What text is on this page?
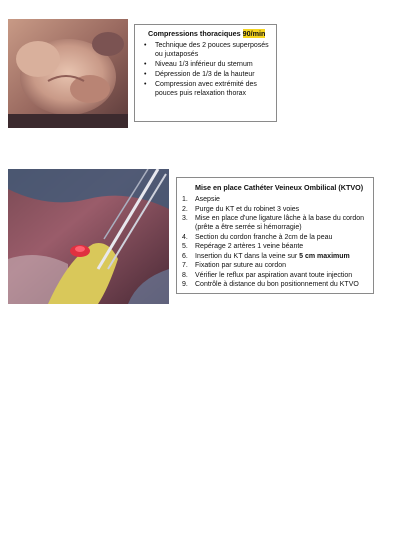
Compressions thoraciques 90/min
• Technique des 2 pouces superposés ou juxtaposés
• Niveau 1/3 inférieur du sternum
• Dépression de 1/3 de la hauteur
• Compression avec extrémité des pouces puis relaxation thorax
Mise en place Cathéter Veineux Ombilical (KTVO)
1. Asepsie
2. Purge du KT et du robinet 3 voies
3. Mise en place d'une ligature lâche à la base du cordon (prête a être serrée si hémorragie)
4. Section du cordon franche à 2cm de la peau
5. Repérage 2 artères 1 veine béante
6. Insertion du KT dans la veine sur 5 cm maximum
7. Fixation par suture au cordon
8. Vérifier le reflux par aspiration avant toute injection
9. Contrôle à distance du bon positionnement du KTVO
